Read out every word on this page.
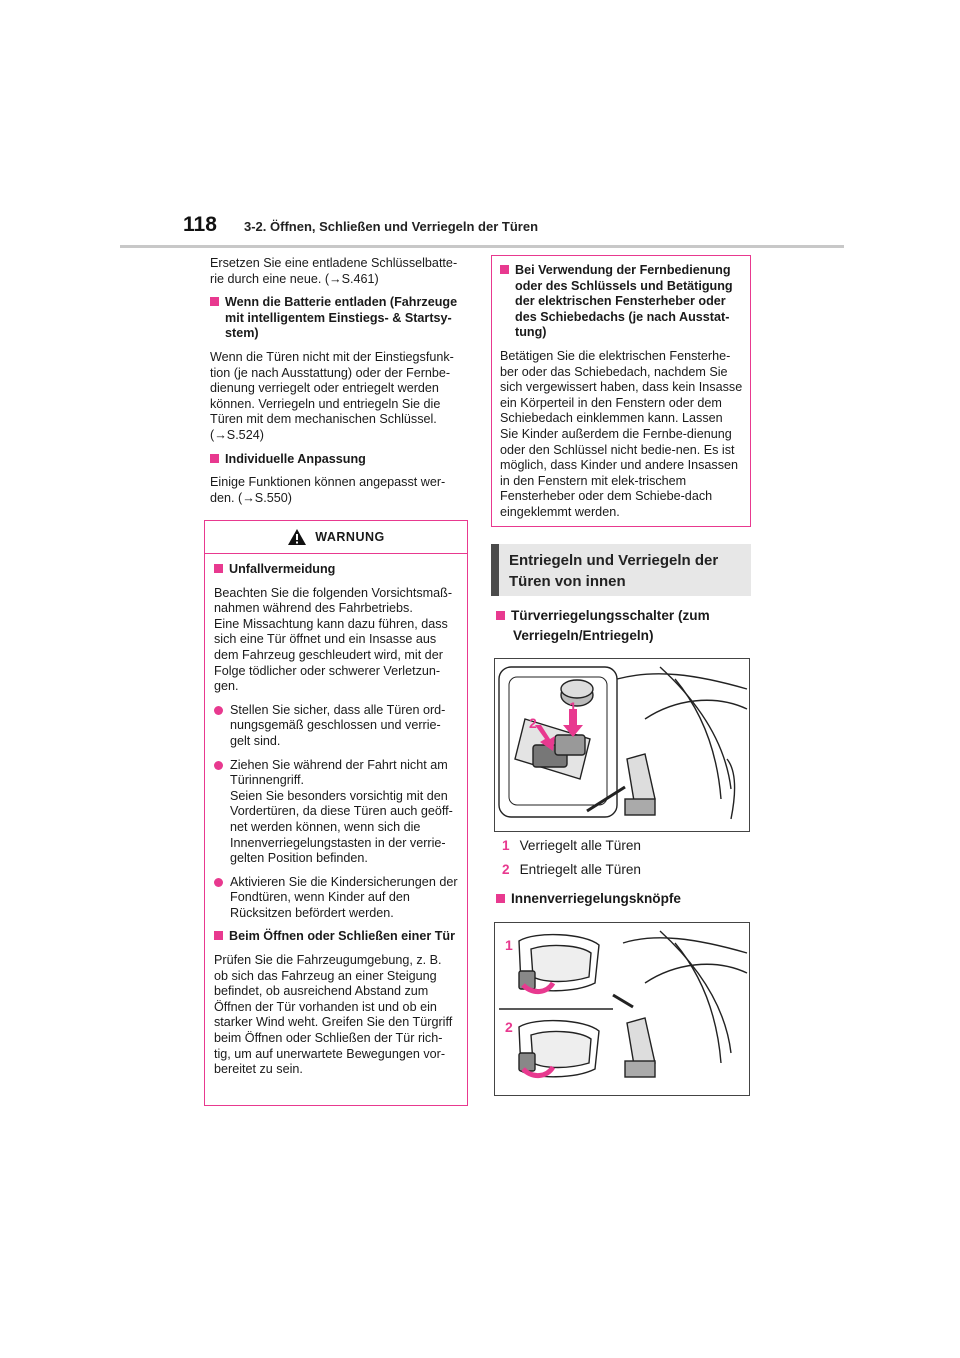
118 3-2. Öffnen, Schließen und Verriegeln der Türen

Ersetzen Sie eine entladene Schlüsselbatte-rie durch eine neue. (→S.461)

Wenn die Batterie entladen (Fahrzeuge mit intelligentem Einstiegs- & Startsy-stem)

Wenn die Türen nicht mit der Einstiegsfunk-tion (je nach Ausstattung) oder der Fernbe-dienung verriegelt oder entriegelt werden können. Verriegeln und entriegeln Sie die Türen mit dem mechanischen Schlüssel. (→S.524)

Individuelle Anpassung

Einige Funktionen können angepasst wer-den. (→S.550)

WARNUNG

Unfallvermeidung

Beachten Sie die folgenden Vorsichtsmaß-nahmen während des Fahrbetriebs.

Eine Missachtung kann dazu führen, dass sich eine Tür öffnet und ein Insasse aus dem Fahrzeug geschleudert wird, mit der Folge tödlicher oder schwerer Verletzun-gen.

Stellen Sie sicher, dass alle Türen ord-nungsgemäß geschlossen und verrie-gelt sind.
Ziehen Sie während der Fahrt nicht am Türinnengriff.
Seien Sie besonders vorsichtig mit den Vordertüren, da diese Türen auch geöff-net werden können, wenn sich die Innenverriegelungstasten in der verrie-gelten Position befinden.
Aktivieren Sie die Kindersicherungen der Fondtüren, wenn Kinder auf den Rücksitzen befördert werden.

Beim Öffnen oder Schließen einer Tür

Prüfen Sie die Fahrzeugumgebung, z. B. ob sich das Fahrzeug an einer Steigung befindet, ob ausreichend Abstand zum Öffnen der Tür vorhanden ist und ob ein starker Wind weht. Greifen Sie den Türgriff beim Öffnen oder Schließen der Tür rich-tig, um auf unerwartete Bewegungen vor-bereitet zu sein.

Bei Verwendung der Fernbedienung oder des Schlüssels und Betätigung der elektrischen Fensterheber oder des Schiebedachs (je nach Ausstat-tung)

Betätigen Sie die elektrischen Fensterhe-ber oder das Schiebedach, nachdem Sie sich vergewissert haben, dass kein Insasse ein Körperteil in den Fenstern oder dem Schiebedach einklemmen kann. Lassen Sie Kinder außerdem die Fernbe-dienung oder den Schlüssel nicht bedie-nen. Es ist möglich, dass Kinder und andere Insassen in den Fenstern mit elek-trischem Fensterheber oder dem Schiebe-dach eingeklemmt werden.

Entriegeln und Verriegeln der Türen von innen
Türverriegelungsschalter (zum Verriegeln/Entriegeln)
1
2
1 Verriegelt alle Türen
2 Entriegelt alle Türen
Innenverriegelungsknöpfe
1
2
